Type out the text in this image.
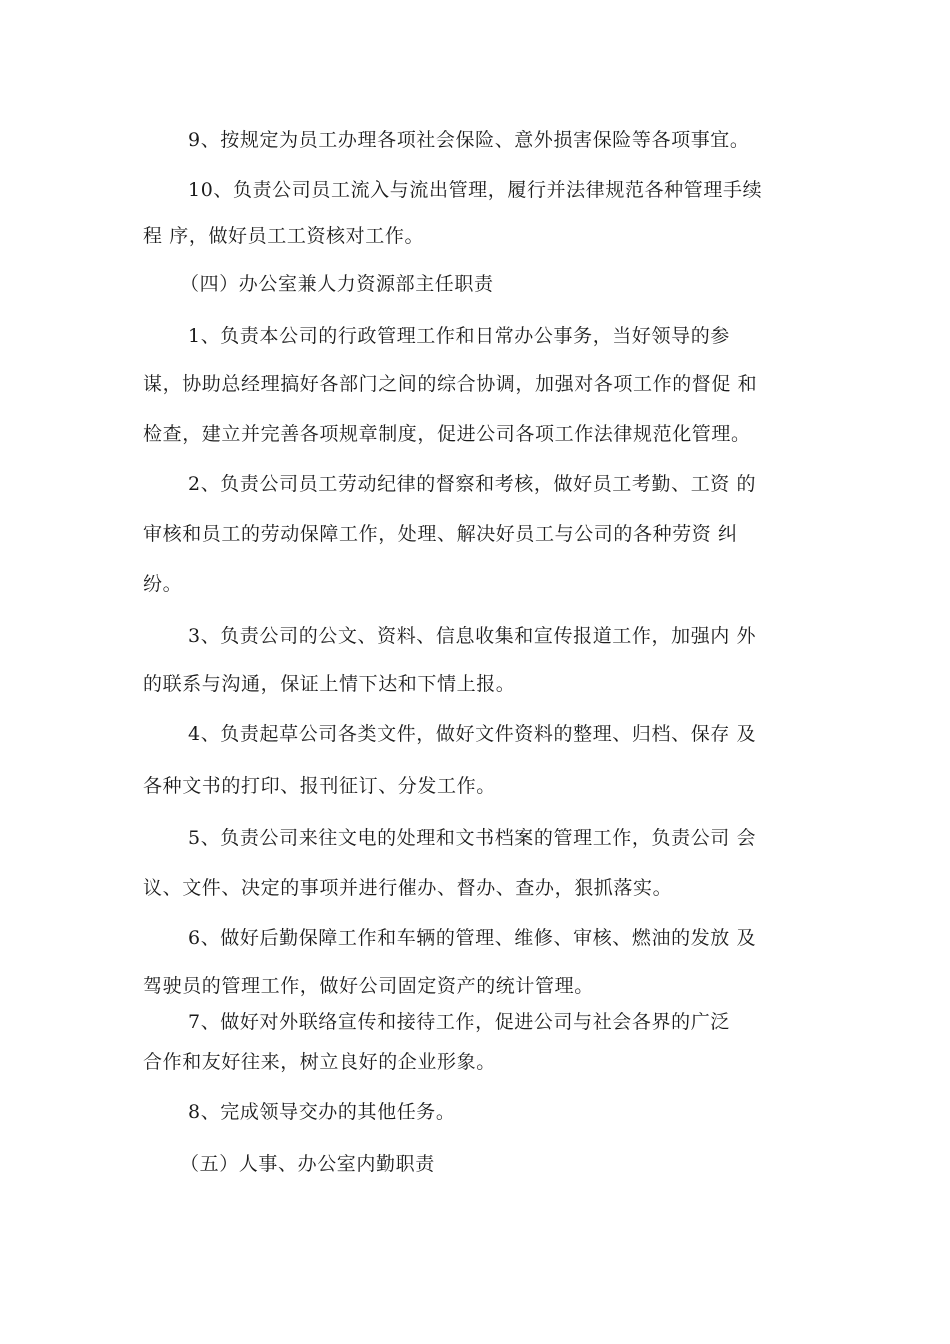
9、按规定为员工办理各项社会保险、意外损害保险等各项事宜。
10、负责公司员工流入与流出管理，履行并法律规范各种管理手续
程 序，做好员工工资核对工作。
（四）办公室兼人力资源部主任职责
1、负责本公司的行政管理工作和日常办公事务，当好领导的参
谋，协助总经理搞好各部门之间的综合协调，加强对各项工作的督促 和
检查，建立并完善各项规章制度，促进公司各项工作法律规范化管理。
2、负责公司员工劳动纪律的督察和考核，做好员工考勤、工资 的
审核和员工的劳动保障工作，处理、解决好员工与公司的各种劳资 纠
纷。
3、负责公司的公文、资料、信息收集和宣传报道工作，加强内 外
的联系与沟通，保证上情下达和下情上报。
4、负责起草公司各类文件，做好文件资料的整理、归档、保存 及
各种文书的打印、报刊征订、分发工作。
5、负责公司来往文电的处理和文书档案的管理工作，负责公司 会
议、文件、决定的事项并进行催办、督办、查办，狠抓落实。
6、做好后勤保障工作和车辆的管理、维修、审核、燃油的发放 及
驾驶员的管理工作，做好公司固定资产的统计管理。
7、做好对外联络宣传和接待工作，促进公司与社会各界的广泛
合作和友好往来，树立良好的企业形象。
8、完成领导交办的其他任务。
（五）人事、办公室内勤职责
